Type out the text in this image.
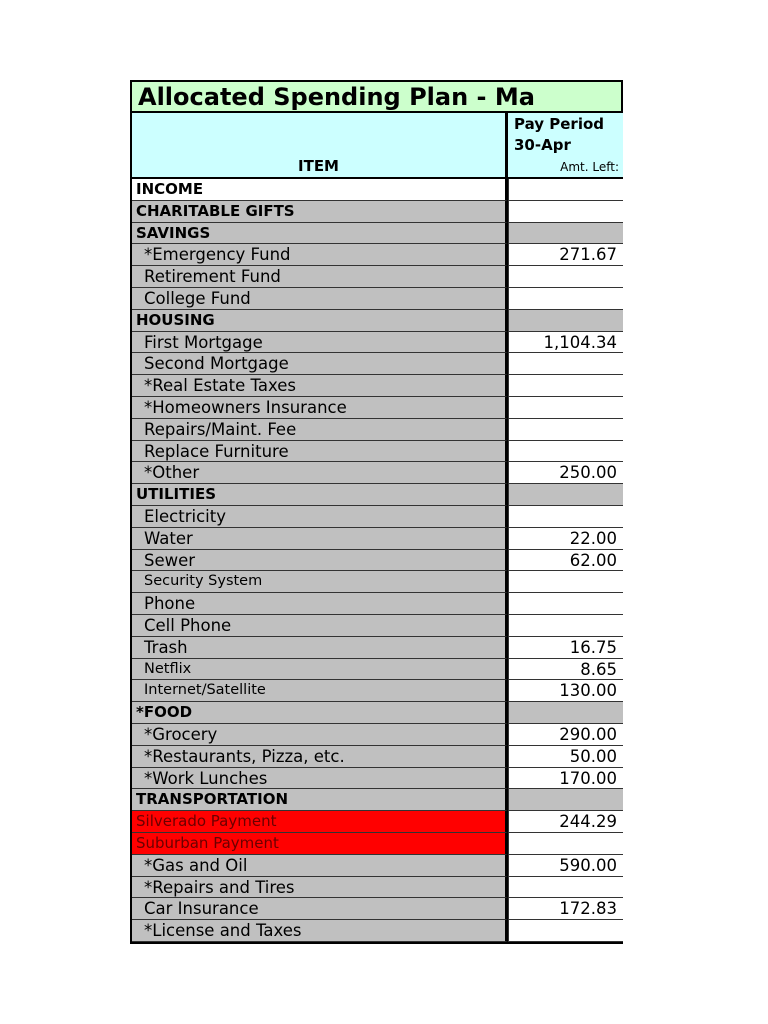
Allocated Spending Plan - Ma
ITEM
Pay Period
30-Apr
Amt. Left:
INCOME
CHARITABLE GIFTS
SAVINGS
*Emergency Fund	271.67
Retirement Fund
College Fund
HOUSING
First Mortgage	1,104.34
Second Mortgage
*Real Estate Taxes
*Homeowners Insurance
Repairs/Maint. Fee
Replace Furniture
*Other	250.00
UTILITIES
Electricity
Water	22.00
Sewer	62.00
Security System
Phone
Cell Phone
Trash	16.75
Netflix	8.65
Internet/Satellite	130.00
*FOOD
*Grocery	290.00
*Restaurants, Pizza, etc.	50.00
*Work Lunches	170.00
TRANSPORTATION
Silverado Payment	244.29
Suburban Payment
*Gas and Oil	590.00
*Repairs and Tires
Car Insurance	172.83
*License and Taxes
